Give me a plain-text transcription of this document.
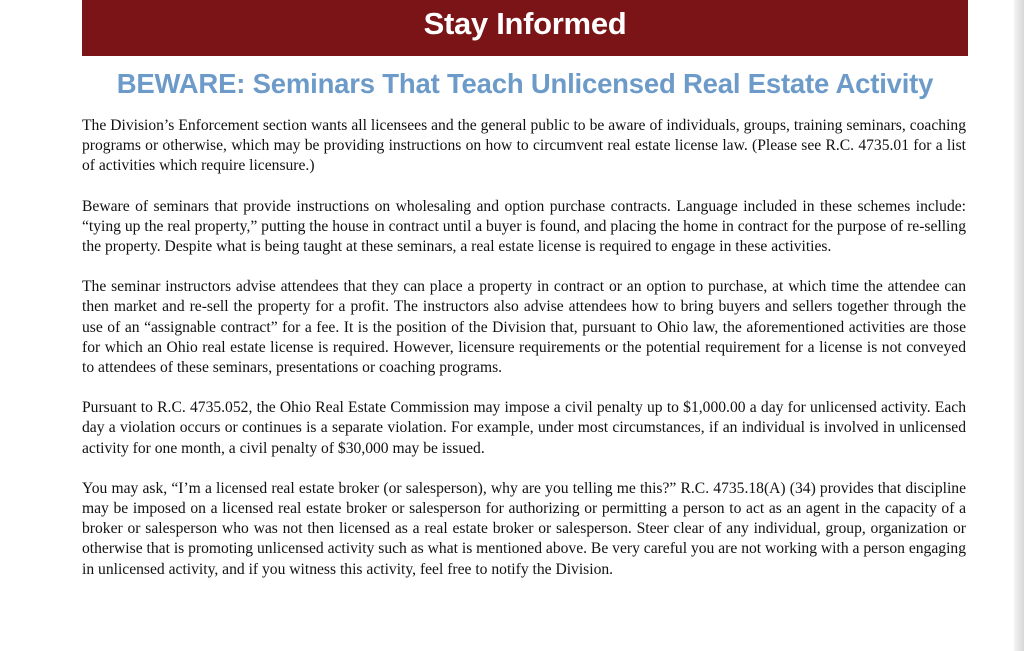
Stay Informed
BEWARE: Seminars That Teach Unlicensed Real Estate Activity

The Division’s Enforcement section wants all licensees and the general public to be aware of individuals, groups, training seminars, coaching programs or otherwise, which may be providing instructions on how to circumvent real estate license law. (Please see R.C. 4735.01 for a list of activities which require licensure.)

Beware of seminars that provide instructions on wholesaling and option purchase contracts. Language included in these schemes include: “tying up the real property,” putting the house in contract until a buyer is found, and placing the home in contract for the purpose of re-selling the property. Despite what is being taught at these seminars, a real estate license is required to engage in these activities.

The seminar instructors advise attendees that they can place a property in contract or an option to purchase, at which time the attendee can then market and re-sell the property for a profit. The instructors also advise attendees how to bring buyers and sellers together through the use of an “assignable contract” for a fee. It is the position of the Division that, pursuant to Ohio law, the aforementioned activities are those for which an Ohio real estate license is required. However, licensure requirements or the potential requirement for a license is not conveyed to attendees of these seminars, presentations or coaching programs.

Pursuant to R.C. 4735.052, the Ohio Real Estate Commission may impose a civil penalty up to $1,000.00 a day for unlicensed activity. Each day a violation occurs or continues is a separate violation. For example, under most circumstances, if an individual is involved in unlicensed activity for one month, a civil penalty of $30,000 may be issued.

You may ask, “I’m a licensed real estate broker (or salesperson), why are you telling me this?” R.C. 4735.18(A) (34) provides that discipline may be imposed on a licensed real estate broker or salesperson for authorizing or permitting a person to act as an agent in the capacity of a broker or salesperson who was not then licensed as a real estate broker or salesperson. Steer clear of any individual, group, organization or otherwise that is promoting unlicensed activity such as what is mentioned above. Be very careful you are not working with a person engaging in unlicensed activity, and if you witness this activity, feel free to notify the Division.
